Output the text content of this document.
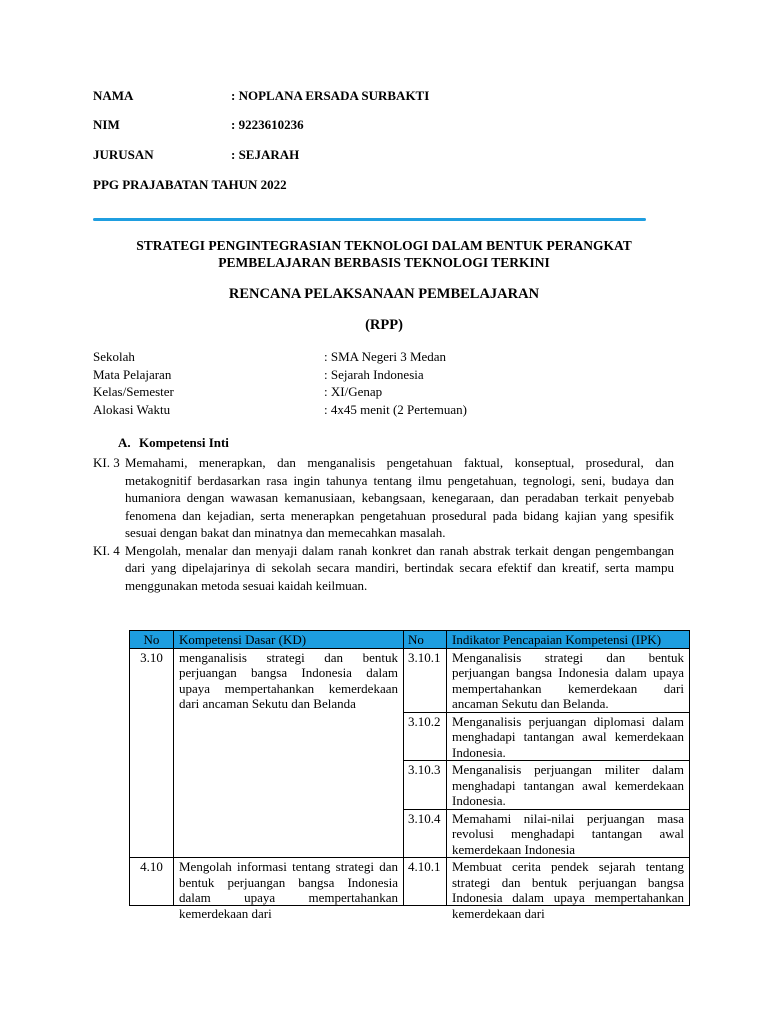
NAMA	: NOPLANA ERSADA SURBAKTI
NIM	: 9223610236
JURUSAN	: SEJARAH
PPG PRAJABATAN TAHUN 2022
STRATEGI PENGINTEGRASIAN TEKNOLOGI DALAM BENTUK PERANGKAT
PEMBELAJARAN BERBASIS TEKNOLOGI TERKINI
RENCANA PELAKSANAAN PEMBELAJARAN
(RPP)
Sekolah	: SMA Negeri 3 Medan
Mata Pelajaran	: Sejarah Indonesia
Kelas/Semester	: XI/Genap
Alokasi Waktu	: 4x45 menit (2 Pertemuan)
A. Kompetensi Inti
KI. 3 Memahami, menerapkan, dan menganalisis pengetahuan faktual, konseptual, prosedural, dan metakognitif berdasarkan rasa ingin tahunya tentang ilmu pengetahuan, tegnologi, seni, budaya dan humaniora dengan wawasan kemanusiaan, kebangsaan, kenegaraan, dan peradaban terkait penyebab fenomena dan kejadian, serta menerapkan pengetahuan prosedural pada bidang kajian yang spesifik sesuai dengan bakat dan minatnya dan memecahkan masalah.
KI. 4 Mengolah, menalar dan menyaji dalam ranah konkret dan ranah abstrak terkait dengan pengembangan dari yang dipelajarinya di sekolah secara mandiri, bertindak secara efektif dan kreatif, serta mampu menggunakan metoda sesuai kaidah keilmuan.
No	Kompetensi Dasar (KD)	No	Indikator Pencapaian Kompetensi (IPK)
3.10	menganalisis strategi dan bentuk perjuangan bangsa Indonesia dalam upaya mempertahankan kemerdekaan dari ancaman Sekutu dan Belanda	3.10.1	Menganalisis strategi dan bentuk perjuangan bangsa Indonesia dalam upaya mempertahankan kemerdekaan dari ancaman Sekutu dan Belanda.
		3.10.2	Menganalisis perjuangan diplomasi dalam menghadapi tantangan awal kemerdekaan Indonesia.
		3.10.3	Menganalisis perjuangan militer dalam menghadapi tantangan awal kemerdekaan Indonesia.
		3.10.4	Memahami nilai-nilai perjuangan masa revolusi menghadapi tantangan awal kemerdekaan Indonesia
4.10	Mengolah informasi tentang strategi dan bentuk perjuangan bangsa Indonesia dalam upaya mempertahankan kemerdekaan dari	4.10.1	Membuat cerita pendek sejarah tentang strategi dan bentuk perjuangan bangsa Indonesia dalam upaya mempertahankan kemerdekaan dari
